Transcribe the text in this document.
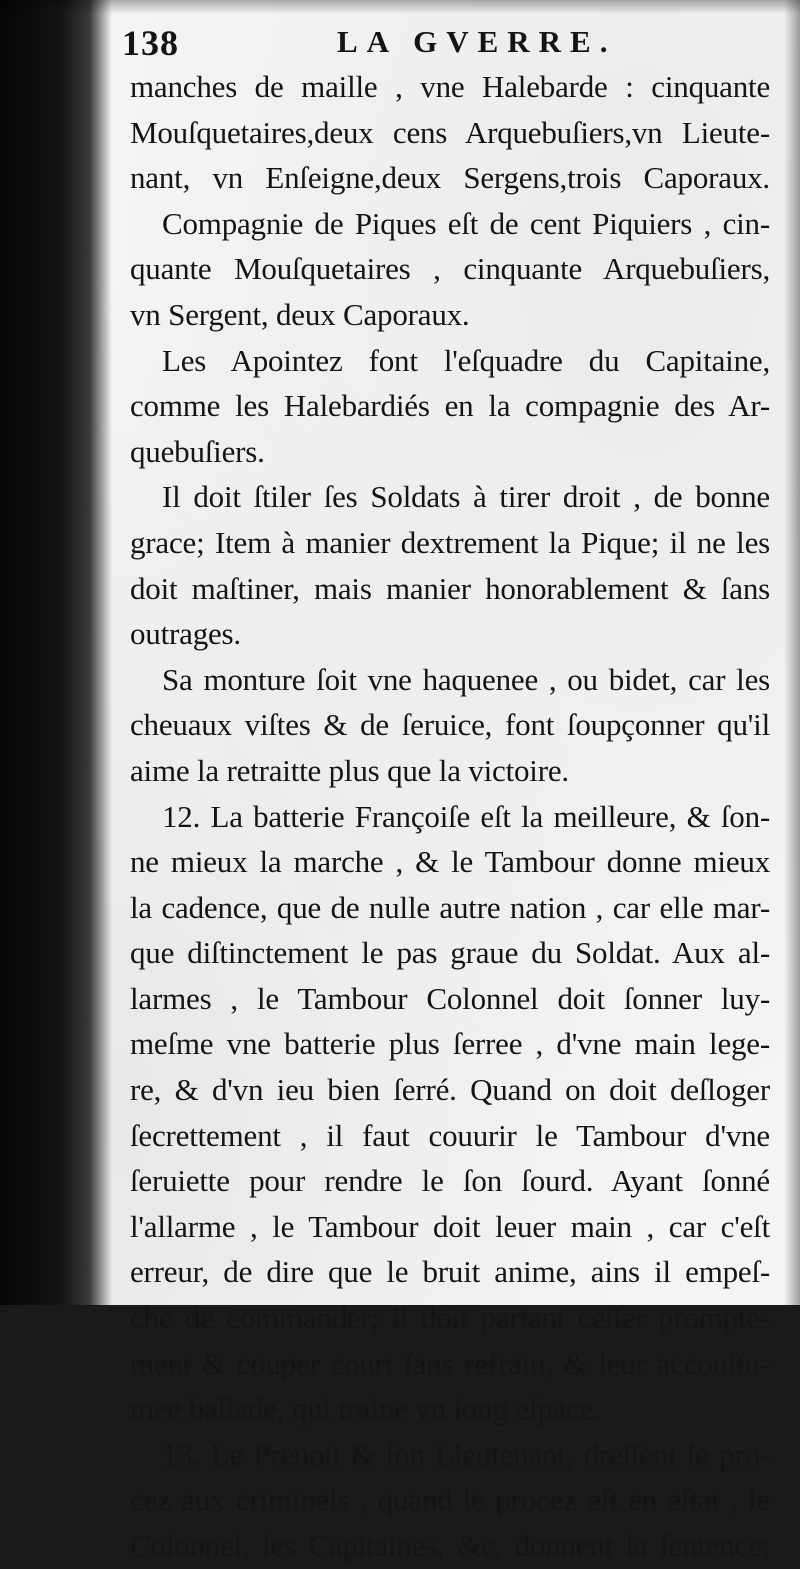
138	LA GVERRE.
manches de maille , vne Halebarde : cinquante
Mouſquetaires,deux cens Arquebuſiers,vn Lieute-
nant, vn Enſeigne,deux Sergens,trois Caporaux.
Compagnie de Piques eſt de cent Piquiers , cin-
quante Mouſquetaires , cinquante Arquebuſiers,
vn Sergent, deux Caporaux.
Les Apointez font l'eſquadre du Capitaine,
comme les Halebardiés en la compagnie des Ar-
quebuſiers.
Il doit ſtiler ſes Soldats à tirer droit , de bonne
grace; Item à manier dextrement la Pique; il ne les
doit maſtiner, mais manier honorablement & ſans
outrages.
Sa monture ſoit vne haquenee , ou bidet, car les
cheuaux viſtes & de ſeruice, font ſoupçonner qu'il
aime la retraitte plus que la victoire.
12. La batterie Françoiſe eſt la meilleure, & ſon-
ne mieux la marche , & le Tambour donne mieux
la cadence, que de nulle autre nation , car elle mar-
que diſtinctement le pas graue du Soldat. Aux al-
larmes , le Tambour Colonnel doit ſonner luy-
meſme vne batterie plus ſerree , d'vne main lege-
re, & d'vn ieu bien ſerré. Quand on doit deſloger
ſecrettement , il faut couurir le Tambour d'vne
ſeruiette pour rendre le ſon ſourd. Ayant ſonné
l'allarme , le Tambour doit leuer main , car c'eſt
erreur, de dire que le bruit anime, ains il empeſ-
che de commander; il doit partant ceſſer prompte-
ment & couper court ſans refrain, & leur accouſtu-
mee ballade, qui traine vn long eſpace.
13. Le Preuoſt & ſon Lieutenant, dreſſent le pro-
cez aux criminels , quand le procez eſt en eſtat , le
Colonnel, les Capitaines, &c. donnent la ſentence;
